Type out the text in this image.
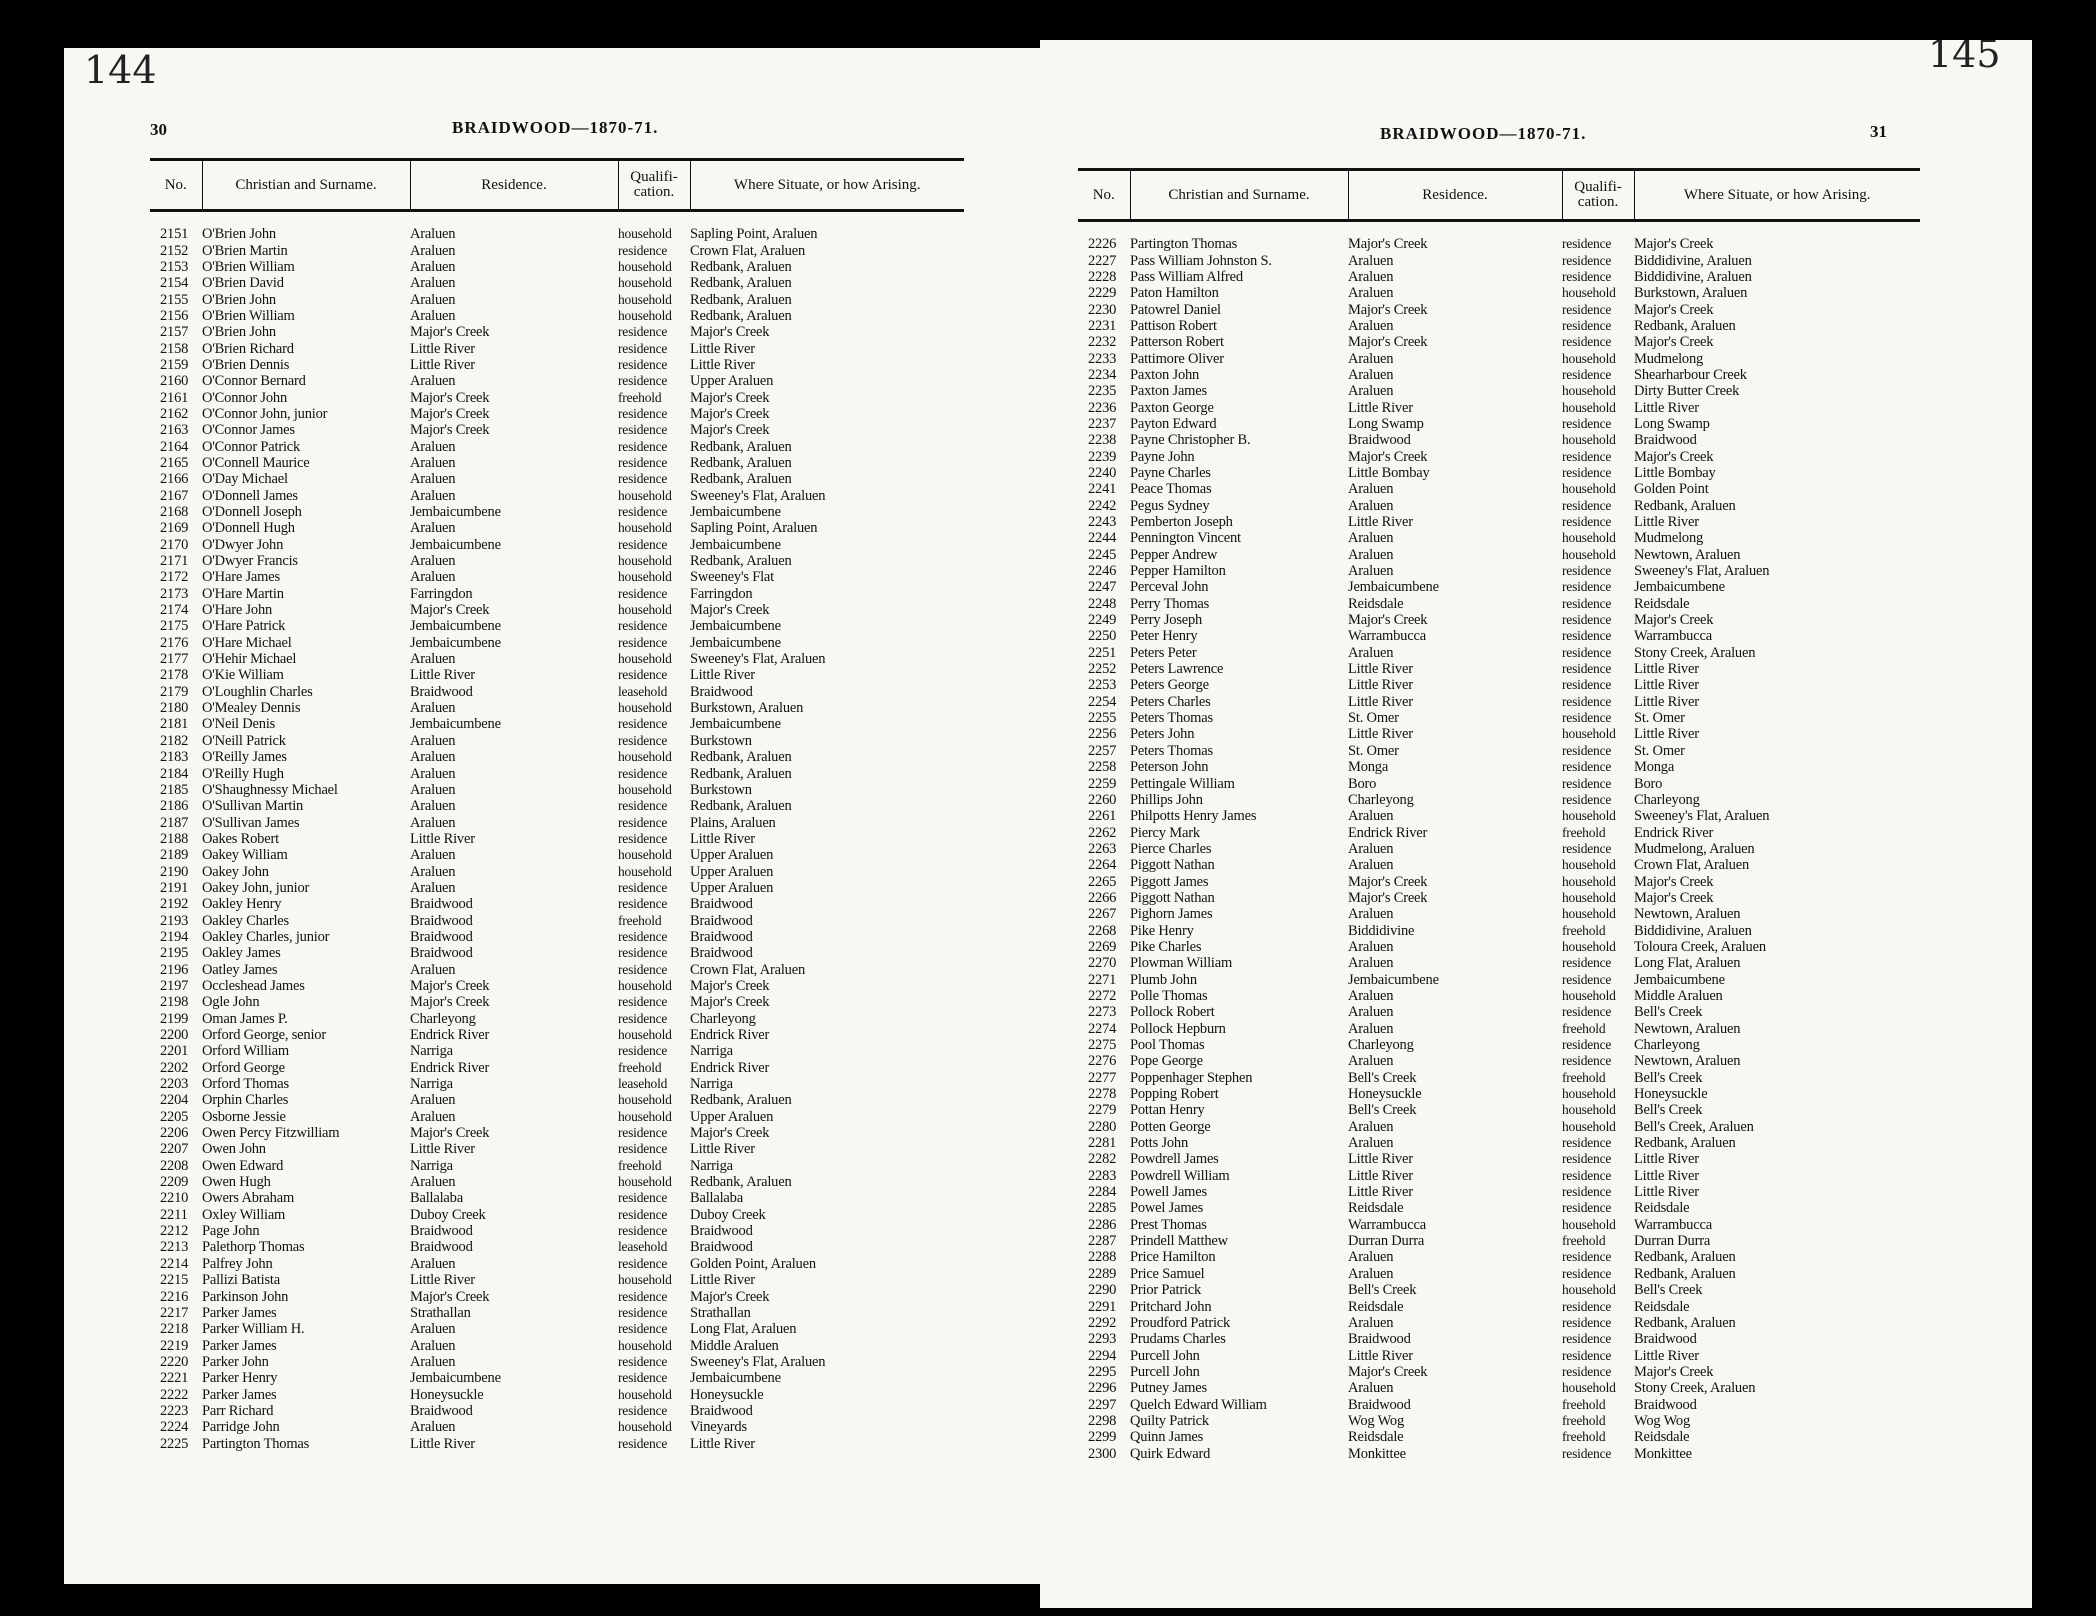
144
30	BRAIDWOOD—1870-71.
No.	Christian and Surname.	Residence.	Qualifi-cation.	Where Situate, or how Arising.

2151	O'Brien John	Araluen	household	Sapling Point, Araluen
2152	O'Brien Martin	Araluen	residence	Crown Flat, Araluen
2153	O'Brien William	Araluen	household	Redbank, Araluen
2154	O'Brien David	Araluen	household	Redbank, Araluen
2155	O'Brien John	Araluen	household	Redbank, Araluen
2156	O'Brien William	Araluen	household	Redbank, Araluen
2157	O'Brien John	Major's Creek	residence	Major's Creek
2158	O'Brien Richard	Little River	residence	Little River
2159	O'Brien Dennis	Little River	residence	Little River
2160	O'Connor Bernard	Araluen	residence	Upper Araluen
2161	O'Connor John	Major's Creek	freehold	Major's Creek
2162	O'Connor John, junior	Major's Creek	residence	Major's Creek
2163	O'Connor James	Major's Creek	residence	Major's Creek
2164	O'Connor Patrick	Araluen	residence	Redbank, Araluen
2165	O'Connell Maurice	Araluen	residence	Redbank, Araluen
2166	O'Day Michael	Araluen	residence	Redbank, Araluen
2167	O'Donnell James	Araluen	household	Sweeney's Flat, Araluen
2168	O'Donnell Joseph	Jembaicumbene	residence	Jembaicumbene
2169	O'Donnell Hugh	Araluen	household	Sapling Point, Araluen
2170	O'Dwyer John	Jembaicumbene	residence	Jembaicumbene
2171	O'Dwyer Francis	Araluen	household	Redbank, Araluen
2172	O'Hare James	Araluen	household	Sweeney's Flat
2173	O'Hare Martin	Farringdon	residence	Farringdon
2174	O'Hare John	Major's Creek	household	Major's Creek
2175	O'Hare Patrick	Jembaicumbene	residence	Jembaicumbene
2176	O'Hare Michael	Jembaicumbene	residence	Jembaicumbene
2177	O'Hehir Michael	Araluen	household	Sweeney's Flat, Araluen
2178	O'Kie William	Little River	residence	Little River
2179	O'Loughlin Charles	Braidwood	leasehold	Braidwood
2180	O'Mealey Dennis	Araluen	household	Burkstown, Araluen
2181	O'Neil Denis	Jembaicumbene	residence	Jembaicumbene
2182	O'Neill Patrick	Araluen	residence	Burkstown
2183	O'Reilly James	Araluen	household	Redbank, Araluen
2184	O'Reilly Hugh	Araluen	residence	Redbank, Araluen
2185	O'Shaughnessy Michael	Araluen	household	Burkstown
2186	O'Sullivan Martin	Araluen	residence	Redbank, Araluen
2187	O'Sullivan James	Araluen	residence	Plains, Araluen
2188	Oakes Robert	Little River	residence	Little River
2189	Oakey William	Araluen	household	Upper Araluen
2190	Oakey John	Araluen	household	Upper Araluen
2191	Oakey John, junior	Araluen	residence	Upper Araluen
2192	Oakley Henry	Braidwood	residence	Braidwood
2193	Oakley Charles	Braidwood	freehold	Braidwood
2194	Oakley Charles, junior	Braidwood	residence	Braidwood
2195	Oakley James	Braidwood	residence	Braidwood
2196	Oatley James	Araluen	residence	Crown Flat, Araluen
2197	Occleshead James	Major's Creek	household	Major's Creek
2198	Ogle John	Major's Creek	residence	Major's Creek
2199	Oman James P.	Charleyong	residence	Charleyong
2200	Orford George, senior	Endrick River	household	Endrick River
2201	Orford William	Narriga	residence	Narriga
2202	Orford George	Endrick River	freehold	Endrick River
2203	Orford Thomas	Narriga	leasehold	Narriga
2204	Orphin Charles	Araluen	household	Redbank, Araluen
2205	Osborne Jessie	Araluen	household	Upper Araluen
2206	Owen Percy Fitzwilliam	Major's Creek	residence	Major's Creek
2207	Owen John	Little River	residence	Little River
2208	Owen Edward	Narriga	freehold	Narriga
2209	Owen Hugh	Araluen	household	Redbank, Araluen
2210	Owers Abraham	Ballalaba	residence	Ballalaba
2211	Oxley William	Duboy Creek	residence	Duboy Creek
2212	Page John	Braidwood	residence	Braidwood
2213	Palethorp Thomas	Braidwood	leasehold	Braidwood
2214	Palfrey John	Araluen	residence	Golden Point, Araluen
2215	Pallizi Batista	Little River	household	Little River
2216	Parkinson John	Major's Creek	residence	Major's Creek
2217	Parker James	Strathallan	residence	Strathallan
2218	Parker William H.	Araluen	residence	Long Flat, Araluen
2219	Parker James	Araluen	household	Middle Araluen
2220	Parker John	Araluen	residence	Sweeney's Flat, Araluen
2221	Parker Henry	Jembaicumbene	residence	Jembaicumbene
2222	Parker James	Honeysuckle	household	Honeysuckle
2223	Parr Richard	Braidwood	residence	Braidwood
2224	Parridge John	Araluen	household	Vineyards
2225	Partington Thomas	Little River	residence	Little River
145
31
BRAIDWOOD—1870-71.
No.	Christian and Surname.	Residence.	Qualifi-cation.	Where Situate, or how Arising.

2226	Partington Thomas	Major's Creek	residence	Major's Creek
2227	Pass William Johnston S.	Araluen	residence	Biddidivine, Araluen
2228	Pass William Alfred	Araluen	residence	Biddidivine, Araluen
2229	Paton Hamilton	Araluen	household	Burkstown, Araluen
2230	Patowrel Daniel	Major's Creek	residence	Major's Creek
2231	Pattison Robert	Araluen	residence	Redbank, Araluen
2232	Patterson Robert	Major's Creek	residence	Major's Creek
2233	Pattimore Oliver	Araluen	household	Mudmelong
2234	Paxton John	Araluen	residence	Shearharbour Creek
2235	Paxton James	Araluen	household	Dirty Butter Creek
2236	Paxton George	Little River	household	Little River
2237	Payton Edward	Long Swamp	residence	Long Swamp
2238	Payne Christopher B.	Braidwood	household	Braidwood
2239	Payne John	Major's Creek	residence	Major's Creek
2240	Payne Charles	Little Bombay	residence	Little Bombay
2241	Peace Thomas	Araluen	household	Golden Point
2242	Pegus Sydney	Araluen	residence	Redbank, Araluen
2243	Pemberton Joseph	Little River	residence	Little River
2244	Pennington Vincent	Araluen	household	Mudmelong
2245	Pepper Andrew	Araluen	household	Newtown, Araluen
2246	Pepper Hamilton	Araluen	residence	Sweeney's Flat, Araluen
2247	Perceval John	Jembaicumbene	residence	Jembaicumbene
2248	Perry Thomas	Reidsdale	residence	Reidsdale
2249	Perry Joseph	Major's Creek	residence	Major's Creek
2250	Peter Henry	Warrambucca	residence	Warrambucca
2251	Peters Peter	Araluen	residence	Stony Creek, Araluen
2252	Peters Lawrence	Little River	residence	Little River
2253	Peters George	Little River	residence	Little River
2254	Peters Charles	Little River	residence	Little River
2255	Peters Thomas	St. Omer	residence	St. Omer
2256	Peters John	Little River	household	Little River
2257	Peters Thomas	St. Omer	residence	St. Omer
2258	Peterson John	Monga	residence	Monga
2259	Pettingale William	Boro	residence	Boro
2260	Phillips John	Charleyong	residence	Charleyong
2261	Philpotts Henry James	Araluen	household	Sweeney's Flat, Araluen
2262	Piercy Mark	Endrick River	freehold	Endrick River
2263	Pierce Charles	Araluen	residence	Mudmelong, Araluen
2264	Piggott Nathan	Araluen	household	Crown Flat, Araluen
2265	Piggott James	Major's Creek	household	Major's Creek
2266	Piggott Nathan	Major's Creek	household	Major's Creek
2267	Pighorn James	Araluen	household	Newtown, Araluen
2268	Pike Henry	Biddidivine	freehold	Biddidivine, Araluen
2269	Pike Charles	Araluen	household	Toloura Creek, Araluen
2270	Plowman William	Araluen	residence	Long Flat, Araluen
2271	Plumb John	Jembaicumbene	residence	Jembaicumbene
2272	Polle Thomas	Araluen	household	Middle Araluen
2273	Pollock Robert	Araluen	residence	Bell's Creek
2274	Pollock Hepburn	Araluen	freehold	Newtown, Araluen
2275	Pool Thomas	Charleyong	residence	Charleyong
2276	Pope George	Araluen	residence	Newtown, Araluen
2277	Poppenhager Stephen	Bell's Creek	freehold	Bell's Creek
2278	Popping Robert	Honeysuckle	household	Honeysuckle
2279	Pottan Henry	Bell's Creek	household	Bell's Creek
2280	Potten George	Araluen	household	Bell's Creek, Araluen
2281	Potts John	Araluen	residence	Redbank, Araluen
2282	Powdrell James	Little River	residence	Little River
2283	Powdrell William	Little River	residence	Little River
2284	Powell James	Little River	residence	Little River
2285	Powel James	Reidsdale	residence	Reidsdale
2286	Prest Thomas	Warrambucca	household	Warrambucca
2287	Prindell Matthew	Durran Durra	freehold	Durran Durra
2288	Price Hamilton	Araluen	residence	Redbank, Araluen
2289	Price Samuel	Araluen	residence	Redbank, Araluen
2290	Prior Patrick	Bell's Creek	household	Bell's Creek
2291	Pritchard John	Reidsdale	residence	Reidsdale
2292	Proudford Patrick	Araluen	residence	Redbank, Araluen
2293	Prudams Charles	Braidwood	residence	Braidwood
2294	Purcell John	Little River	residence	Little River
2295	Purcell John	Major's Creek	residence	Major's Creek
2296	Putney James	Araluen	household	Stony Creek, Araluen
2297	Quelch Edward William	Braidwood	freehold	Braidwood
2298	Quilty Patrick	Wog Wog	freehold	Wog Wog
2299	Quinn James	Reidsdale	freehold	Reidsdale
2300	Quirk Edward	Monkittee	residence	Monkittee
